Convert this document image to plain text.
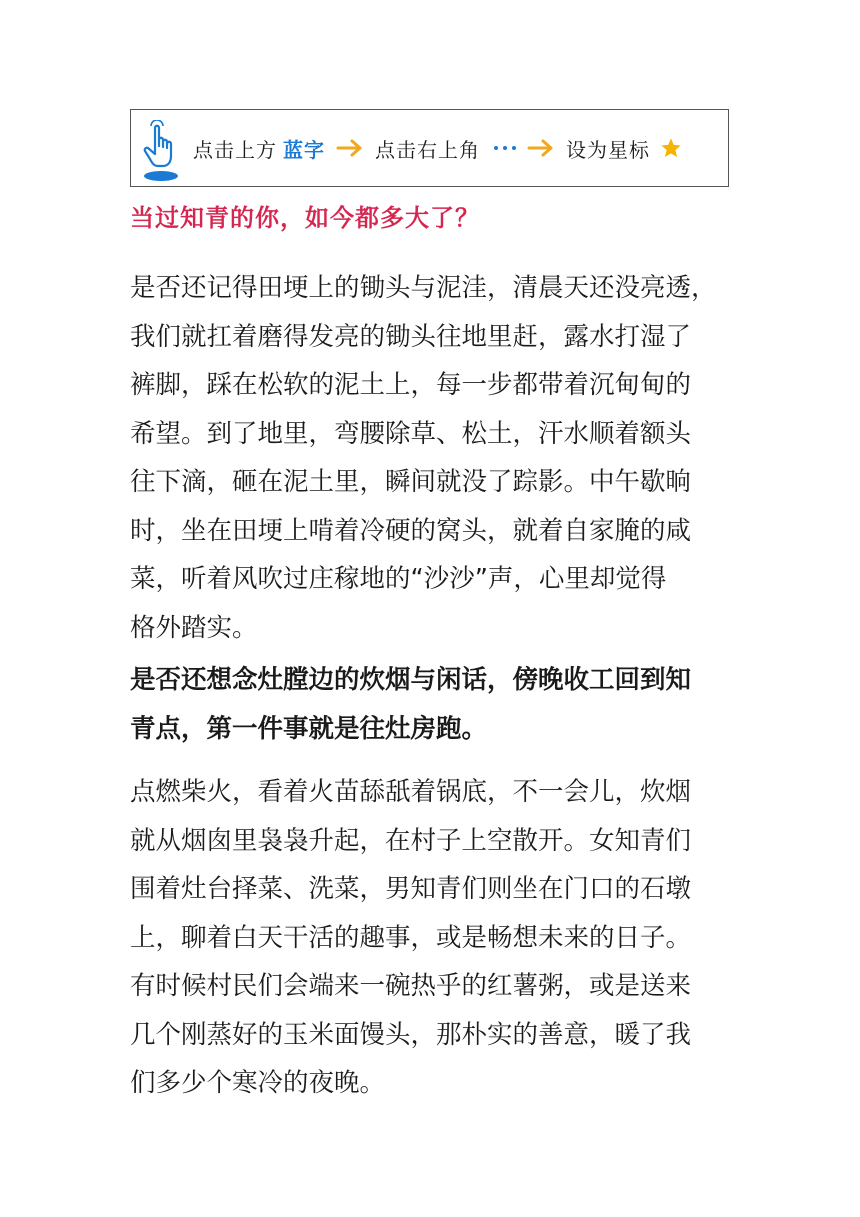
点击上方 蓝字	点击右上角	设为星标
当过知青的你，如今都多大了？
是否还记得田埂上的锄头与泥洼，清晨天还没亮透，
我们就扛着磨得发亮的锄头往地里赶，露水打湿了
裤脚，踩在松软的泥土上，每一步都带着沉甸甸的
希望。到了地里，弯腰除草、松土，汗水顺着额头
往下滴，砸在泥土里，瞬间就没了踪影。中午歇晌
时，坐在田埂上啃着冷硬的窝头，就着自家腌的咸
菜，听着风吹过庄稼地的“沙沙”声，心里却觉得
格外踏实。
是否还想念灶膛边的炊烟与闲话，傍晚收工回到知
青点，第一件事就是往灶房跑。
点燃柴火，看着火苗舔舐着锅底，不一会儿，炊烟
就从烟囱里袅袅升起，在村子上空散开。女知青们
围着灶台择菜、洗菜，男知青们则坐在门口的石墩
上，聊着白天干活的趣事，或是畅想未来的日子。
有时候村民们会端来一碗热乎的红薯粥，或是送来
几个刚蒸好的玉米面馒头，那朴实的善意，暖了我
们多少个寒冷的夜晚。
